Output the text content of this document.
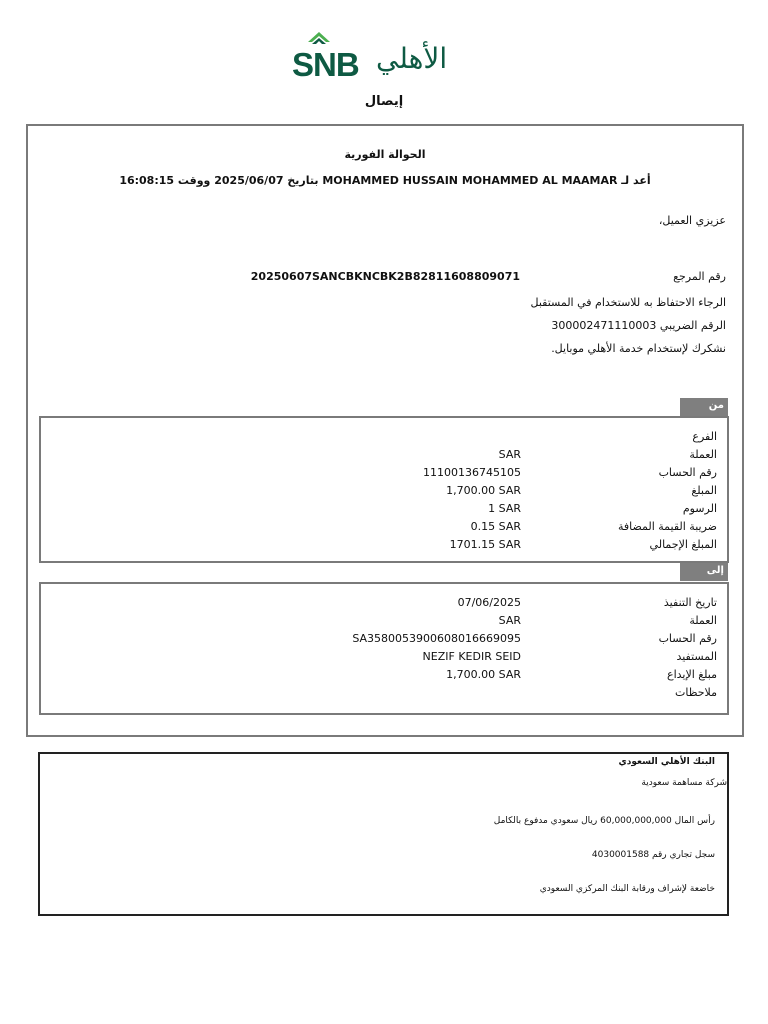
SNB الأهلي
إيصال
الحوالة الفورية
أعد لـ MOHAMMED HUSSAIN MOHAMMED AL MAAMAR بتاريخ 2025/06/07 ووقت 16:08:15
عزيزي العميل،
رقم المرجع
20250607SANCBKNCBK2B82811608809071
الرجاء الاحتفاظ به للاستخدام في المستقبل
الرقم الضريبي 300002471110003
نشكرك لإستخدام خدمة الأهلي موبايل.
من
الفرع
العملة
SAR
رقم الحساب
11100136745105
المبلغ
1,700.00 SAR
الرسوم
1 SAR
ضريبة القيمة المضافة
0.15 SAR
المبلغ الإجمالي
1701.15 SAR
إلى
تاريخ التنفيذ
07/06/2025
العملة
SAR
رقم الحساب
SA3580053900608016669095
المستفيد
NEZIF KEDIR SEID
مبلغ الإيداع
1,700.00 SAR
ملاحظات
البنك الأهلي السعودي
شركة مساهمة سعودية
رأس المال 60,000,000,000 ريال سعودي مدفوع بالكامل
سجل تجاري رقم 4030001588
خاضعة لإشراف ورقابة البنك المركزي السعودي
